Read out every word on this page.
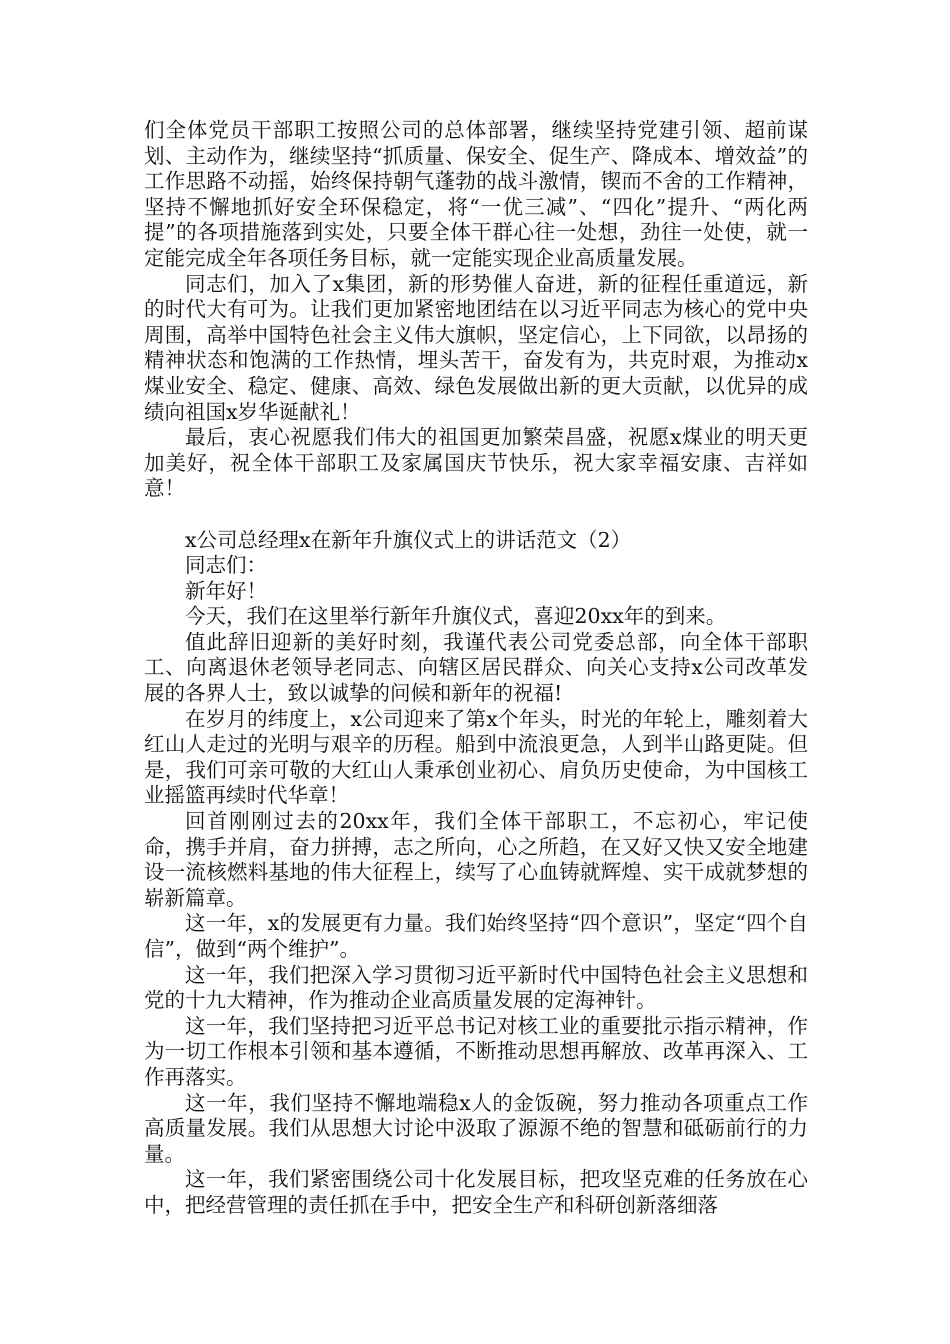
们全体党员干部职工按照公司的总体部署，继续坚持党建引领、超前谋划、主动作为，继续坚持“抓质量、保安全、促生产、降成本、增效益”的工作思路不动摇，始终保持朝气蓬勃的战斗激情，锲而不舍的工作精神，坚持不懈地抓好安全环保稳定，将“一优三减”、“四化”提升、“两化两提”的各项措施落到实处，只要全体干群心往一处想，劲往一处使，就一定能完成全年各项任务目标，就一定能实现企业高质量发展。

同志们，加入了x集团，新的形势催人奋进，新的征程任重道远，新的时代大有可为。让我们更加紧密地团结在以习近平同志为核心的党中央周围，高举中国特色社会主义伟大旗帜，坚定信心，上下同欲，以昂扬的精神状态和饱满的工作热情，埋头苦干，奋发有为，共克时艰，为推动x煤业安全、稳定、健康、高效、绿色发展做出新的更大贡献，以优异的成绩向祖国x岁华诞献礼！

最后，衷心祝愿我们伟大的祖国更加繁荣昌盛，祝愿x煤业的明天更加美好，祝全体干部职工及家属国庆节快乐，祝大家幸福安康、吉祥如意！

x公司总经理x在新年升旗仪式上的讲话范文（2）

同志们：

新年好！

今天，我们在这里举行新年升旗仪式，喜迎20xx年的到来。

值此辞旧迎新的美好时刻，我谨代表公司党委总部，向全体干部职工、向离退休老领导老同志、向辖区居民群众、向关心支持x公司改革发展的各界人士，致以诚挚的问候和新年的祝福!

在岁月的纬度上，x公司迎来了第x个年头，时光的年轮上，雕刻着大红山人走过的光明与艰辛的历程。船到中流浪更急，人到半山路更陡。但是，我们可亲可敬的大红山人秉承创业初心、肩负历史使命，为中国核工业摇篮再续时代华章！

回首刚刚过去的20xx年，我们全体干部职工，不忘初心，牢记使命，携手并肩，奋力拼搏，志之所向，心之所趋，在又好又快又安全地建设一流核燃料基地的伟大征程上，续写了心血铸就辉煌、实干成就梦想的崭新篇章。

这一年，x的发展更有力量。我们始终坚持“四个意识”，坚定“四个自信”，做到“两个维护”。

这一年，我们把深入学习贯彻习近平新时代中国特色社会主义思想和党的十九大精神，作为推动企业高质量发展的定海神针。

这一年，我们坚持把习近平总书记对核工业的重要批示指示精神，作为一切工作根本引领和基本遵循，不断推动思想再解放、改革再深入、工作再落实。

这一年，我们坚持不懈地端稳x人的金饭碗，努力推动各项重点工作高质量发展。我们从思想大讨论中汲取了源源不绝的智慧和砥砺前行的力量。

这一年，我们紧密围绕公司十化发展目标，把攻坚克难的任务放在心中，把经营管理的责任抓在手中，把安全生产和科研创新落细落
